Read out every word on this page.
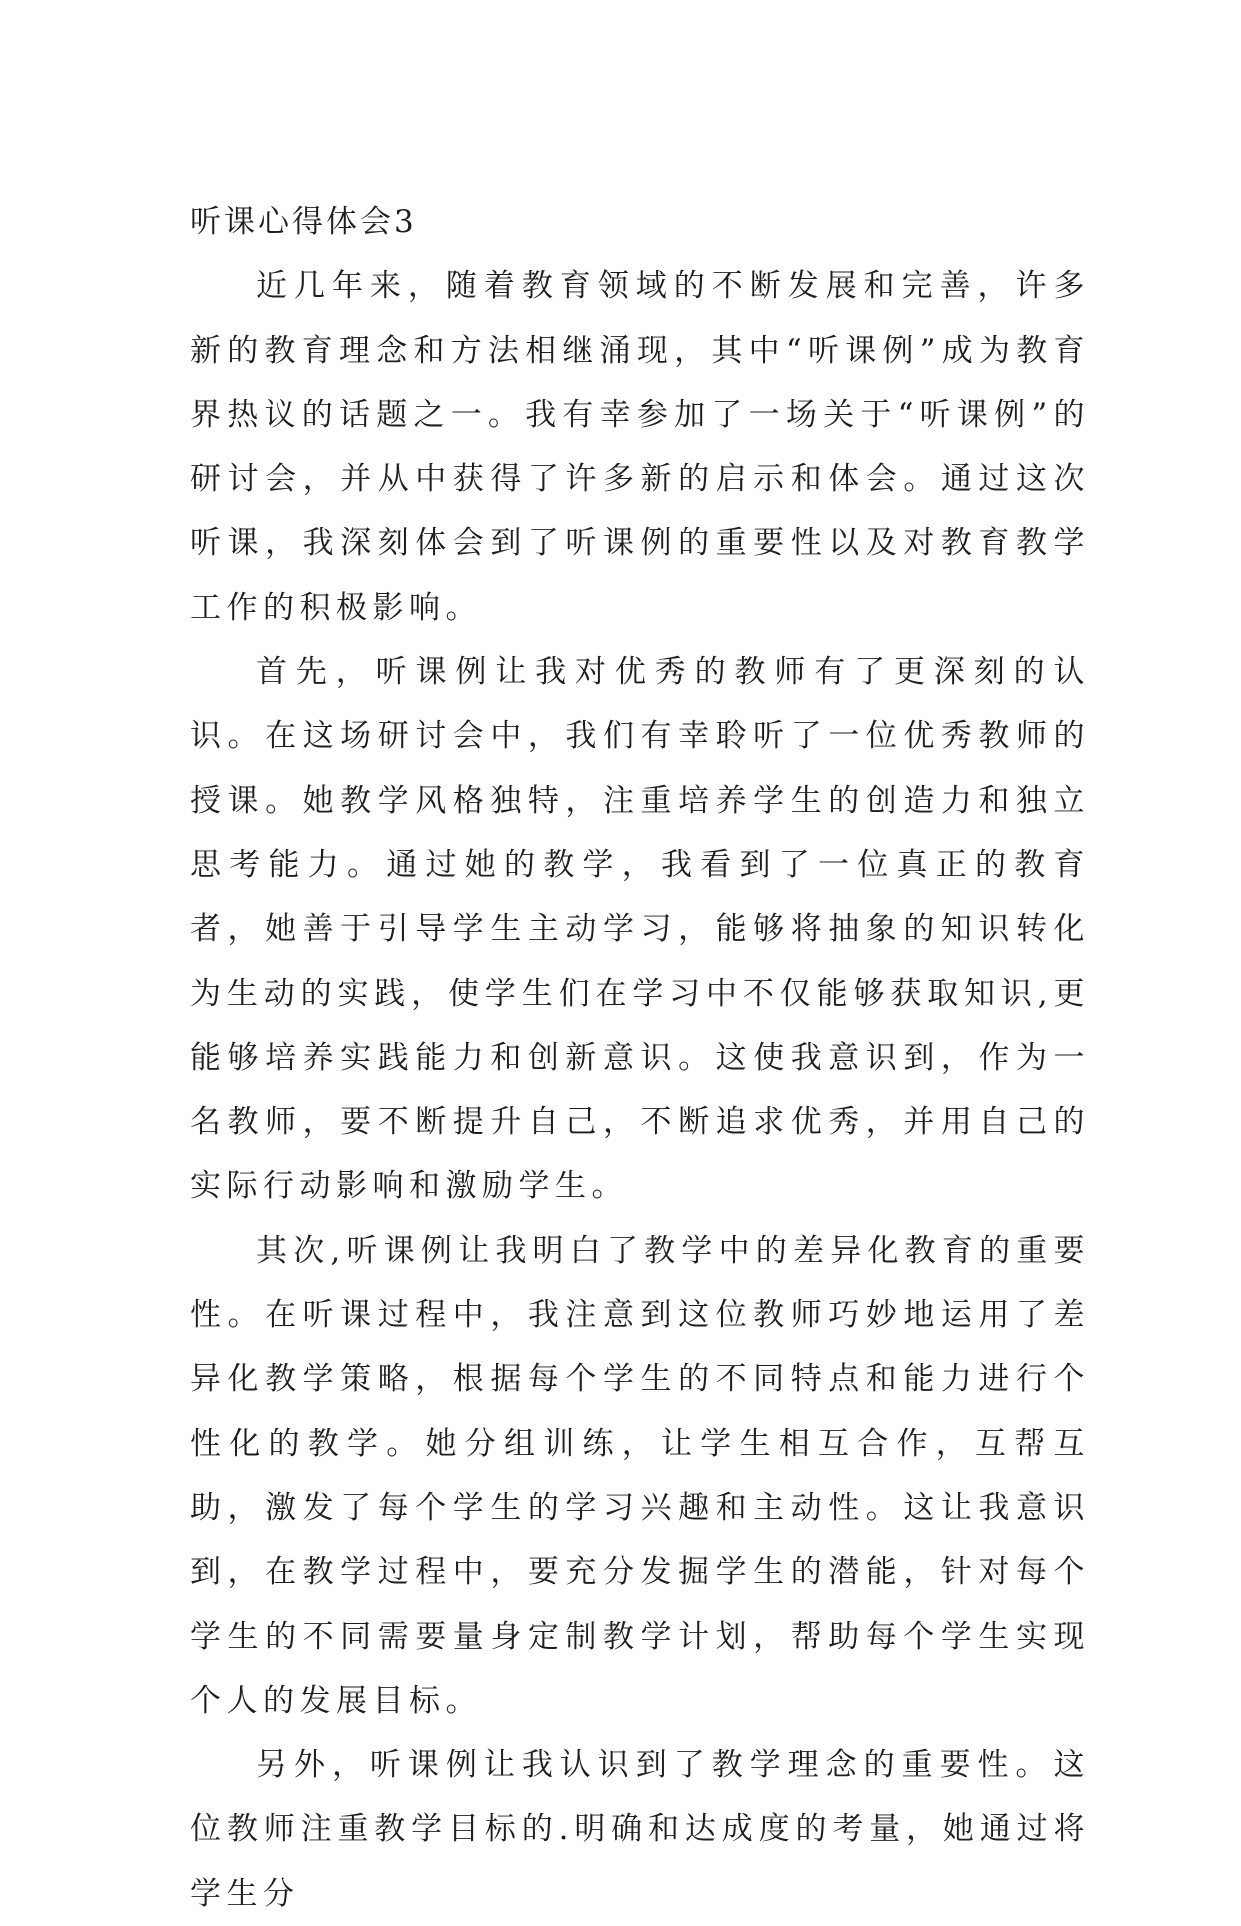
听课心得体会3

近几年来，随着教育领域的不断发展和完善，许多新的教育理念和方法相继涌现，其中“听课例”成为教育界热议的话题之一。我有幸参加了一场关于“听课例”的研讨会，并从中获得了许多新的启示和体会。通过这次听课，我深刻体会到了听课例的重要性以及对教育教学工作的积极影响。

首先，听课例让我对优秀的教师有了更深刻的认识。在这场研讨会中，我们有幸聆听了一位优秀教师的授课。她教学风格独特，注重培养学生的创造力和独立思考能力。通过她的教学，我看到了一位真正的教育者，她善于引导学生主动学习，能够将抽象的知识转化为生动的实践，使学生们在学习中不仅能够获取知识,更能够培养实践能力和创新意识。这使我意识到，作为一名教师，要不断提升自己，不断追求优秀，并用自己的实际行动影响和激励学生。

其次,听课例让我明白了教学中的差异化教育的重要性。在听课过程中，我注意到这位教师巧妙地运用了差异化教学策略，根据每个学生的不同特点和能力进行个性化的教学。她分组训练，让学生相互合作，互帮互助，激发了每个学生的学习兴趣和主动性。这让我意识到，在教学过程中，要充分发掘学生的潜能，针对每个学生的不同需要量身定制教学计划，帮助每个学生实现个人的发展目标。

另外，听课例让我认识到了教学理念的重要性。这位教师注重教学目标的.明确和达成度的考量，她通过将学生分
